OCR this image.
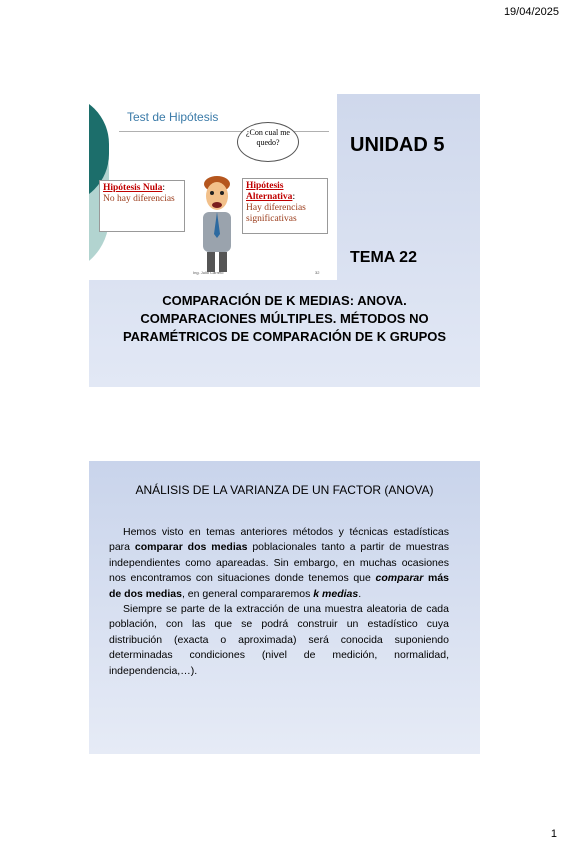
19/04/2025
Test de Hipótesis
¿Con cual me quedo?
Hipótesis Nula:
No hay diferencias
Hipótesis Alternativa:
Hay diferencias significativas
Ing. Julio Carreto	32
UNIDAD 5
TEMA 22
COMPARACIÓN DE K MEDIAS: ANOVA. COMPARACIONES MÚLTIPLES. MÉTODOS NO PARAMÉTRICOS DE COMPARACIÓN DE K GRUPOS
ANÁLISIS DE LA VARIANZA DE UN FACTOR (ANOVA)

Hemos visto en temas anteriores métodos y técnicas estadísticas para comparar dos medias poblacionales tanto a partir de muestras independientes como apareadas. Sin embargo, en muchas ocasiones nos encontramos con situaciones donde tenemos que comparar más de dos medias, en general compararemos k medias.

Siempre se parte de la extracción de una muestra aleatoria de cada población, con las que se podrá construir un estadístico cuya distribución (exacta o aproximada) será conocida suponiendo determinadas condiciones (nivel de medición, normalidad, independencia,…).

1
